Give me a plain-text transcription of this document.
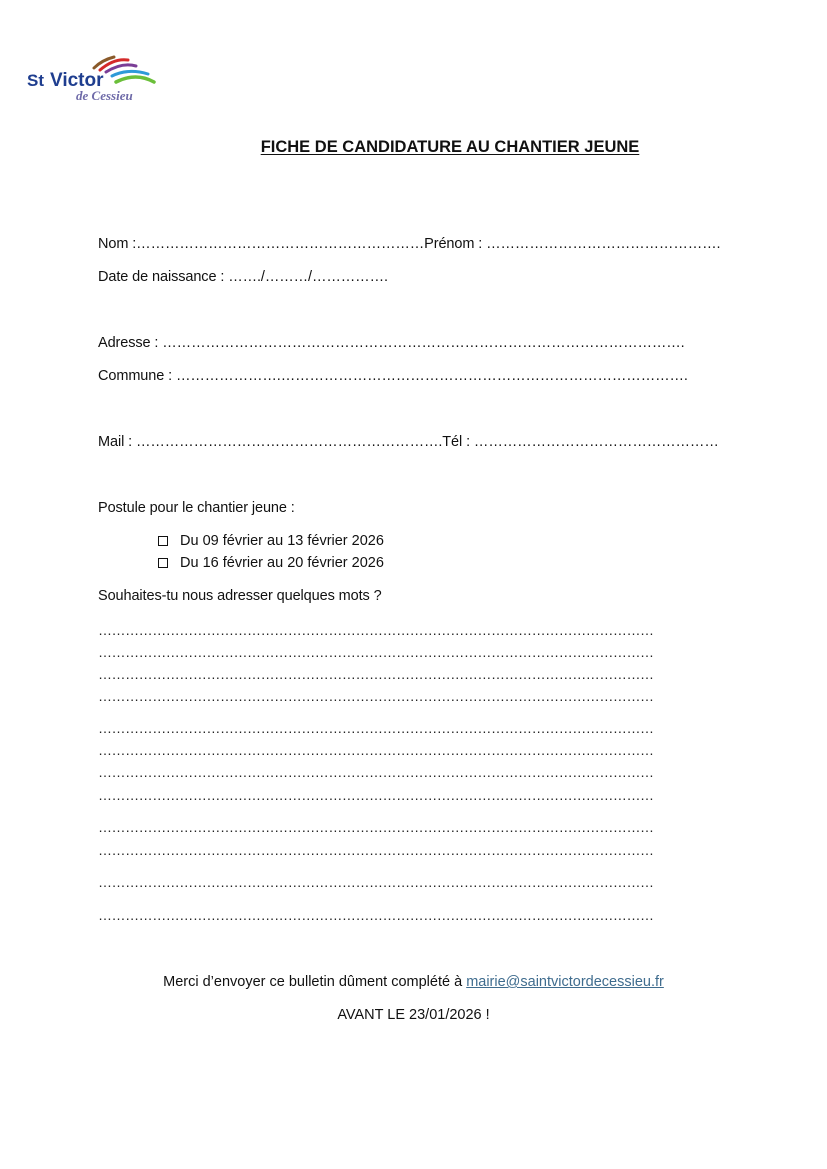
St Victor
de Cessieu
FICHE DE CANDIDATURE AU CHANTIER JEUNE
Nom :……………………………………………………Prénom : ………………………………………….
Date de naissance : ……./………/…………….
Adresse : ……………………………………………………………………………………………….
Commune : ………………….………………………………………………………………………….
Mail : ……………………………………………………….Tél : ……………………………………………
Postule pour le chantier jeune :
Du 09 février au 13 février 2026
Du 16 février au 20 février 2026
Souhaites-tu nous adresser quelques mots ?
……………………………………………………………………………………………………………
……………………………………………………………………………………………………………
……………………………………………………………………………………………………………
……………………………………………………………………………………………………………
……………………………………………………………………………………………………………
……………………………………………………………………………………………………………
……………………………………………………………………………………………………………
……………………………………………………………………………………………………………
……………………………………………………………………………………………………………
……………………………………………………………………………………………………………
……………………………………………………………………………………………………………
……………………………………………………………………………………………………………
Merci d’envoyer ce bulletin dûment complété à mairie@saintvictordecessieu.fr
AVANT LE 23/01/2026 !
